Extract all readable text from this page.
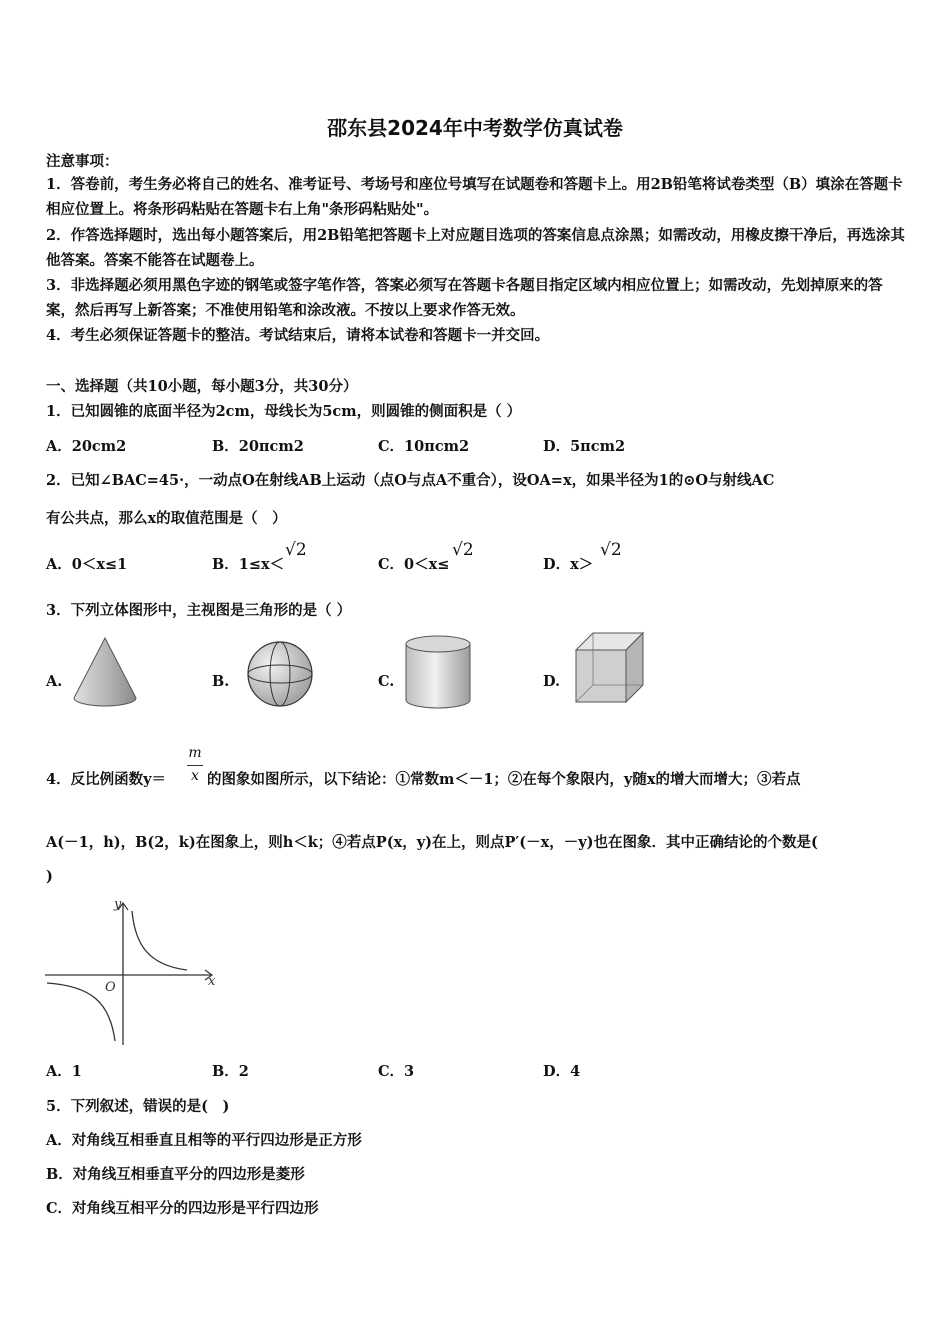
邵东县2024年中考数学仿真试卷
注意事项：
1．答卷前，考生务必将自己的姓名、准考证号、考场号和座位号填写在试题卷和答题卡上。用2B铅笔将试卷类型（B）填涂在答题卡相应位置上。将条形码粘贴在答题卡右上角"条形码粘贴处"。
2．作答选择题时，选出每小题答案后，用2B铅笔把答题卡上对应题目选项的答案信息点涂黑；如需改动，用橡皮擦干净后，再选涂其他答案。答案不能答在试题卷上。
3．非选择题必须用黑色字迹的钢笔或签字笔作答，答案必须写在答题卡各题目指定区域内相应位置上；如需改动，先划掉原来的答案，然后再写上新答案；不准使用铅笔和涂改液。不按以上要求作答无效。
4．考生必须保证答题卡的整洁。考试结束后，请将本试卷和答题卡一并交回。
一、选择题（共10小题，每小题3分，共30分）
1．已知圆锥的底面半径为2cm，母线长为5cm，则圆锥的侧面积是（ ）
A．20cm2	B．20πcm2	C．10πcm2	D．5πcm2
2．已知∠BAC=45·，一动点O在射线AB上运动（点O与点A不重合），设OA=x，如果半径为1的⊙O与射线AC
有公共点，那么x的取值范围是（　）
A．0＜x≤1	B．1≤x＜
√2
C．0＜x≤
√2
D．x＞
√2
3．下列立体图形中，主视图是三角形的是（ ）
A.	B.	C.	D.
4．反比例函数y＝
m
x 的图象如图所示，以下结论：①常数m＜－1；②在每个象限内，y随x的增大而增大；③若点
A(－1，h)，B(2，k)在图象上，则h＜k；④若点P(x，y)在上，则点P′(－x，－y)也在图象．其中正确结论的个数是(
)
y
x
O
A．1	B．2	C．3	D．4
5．下列叙述，错误的是(　)
A．对角线互相垂直且相等的平行四边形是正方形
B．对角线互相垂直平分的四边形是菱形
C．对角线互相平分的四边形是平行四边形
